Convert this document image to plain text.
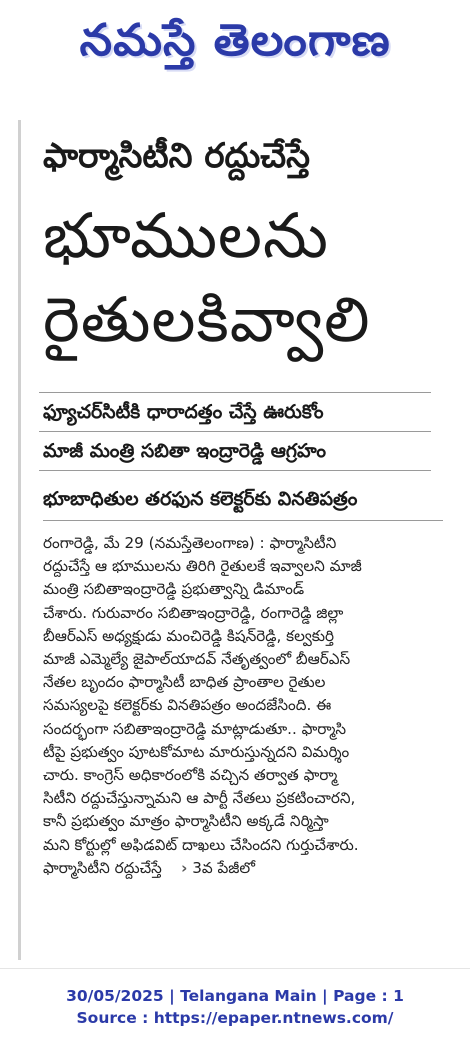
నమస్తే తెలంగాణ
ఫార్మాసిటీని రద్దుచేస్తే
భూములను
రైతులకివ్వాలి
ఫ్యూచర్‌సిటీకి ధారాదత్తం చేస్తే ఊరుకోం
మాజీ మంత్రి సబితా ఇంద్రారెడ్డి ఆగ్రహం
భూబాధితుల తరఫున కలెక్టర్‌కు వినతిపత్రం
రంగారెడ్డి, మే 29 (నమస్తేతెలంగాణ) : ఫార్మాసిటీని
రద్దుచేస్తే ఆ భూములను తిరిగి రైతులకే ఇవ్వాలని మాజీ
మంత్రి సబితాఇంద్రారెడ్డి ప్రభుత్వాన్ని డిమాండ్
చేశారు. గురువారం సబితాఇంద్రారెడ్డి, రంగారెడ్డి జిల్లా
బీఆర్‌ఎస్ అధ్యక్షుడు మంచిరెడ్డి కిషన్‌రెడ్డి, కల్వకుర్తి
మాజీ ఎమ్మెల్యే జైపాల్‌యాదవ్ నేతృత్వంలో బీఆర్‌ఎస్
నేతల బృందం ఫార్మాసిటీ బాధిత ప్రాంతాల రైతుల
సమస్యలపై కలెక్టర్‌కు వినతిపత్రం అందజేసింది. ఈ
సందర్భంగా సబితాఇంద్రారెడ్డి మాట్లాడుతూ.. ఫార్మాసి
టీపై ప్రభుత్వం పూటకోమాట మారుస్తున్నదని విమర్శిం
చారు. కాంగ్రెస్ అధికారంలోకి వచ్చిన తర్వాత ఫార్మా
సిటీని రద్దుచేస్తున్నామని ఆ పార్టీ నేతలు ప్రకటించారని,
కానీ ప్రభుత్వం మాత్రం ఫార్మాసిటీని అక్కడే నిర్మిస్తా
మని కోర్టుల్లో అఫిడవిట్ దాఖలు చేసిందని గుర్తుచేశారు.
ఫార్మాసిటీని రద్దుచేస్తే › 3వ పేజీలో
30/05/2025 | Telangana Main | Page : 1
Source : https://epaper.ntnews.com/
